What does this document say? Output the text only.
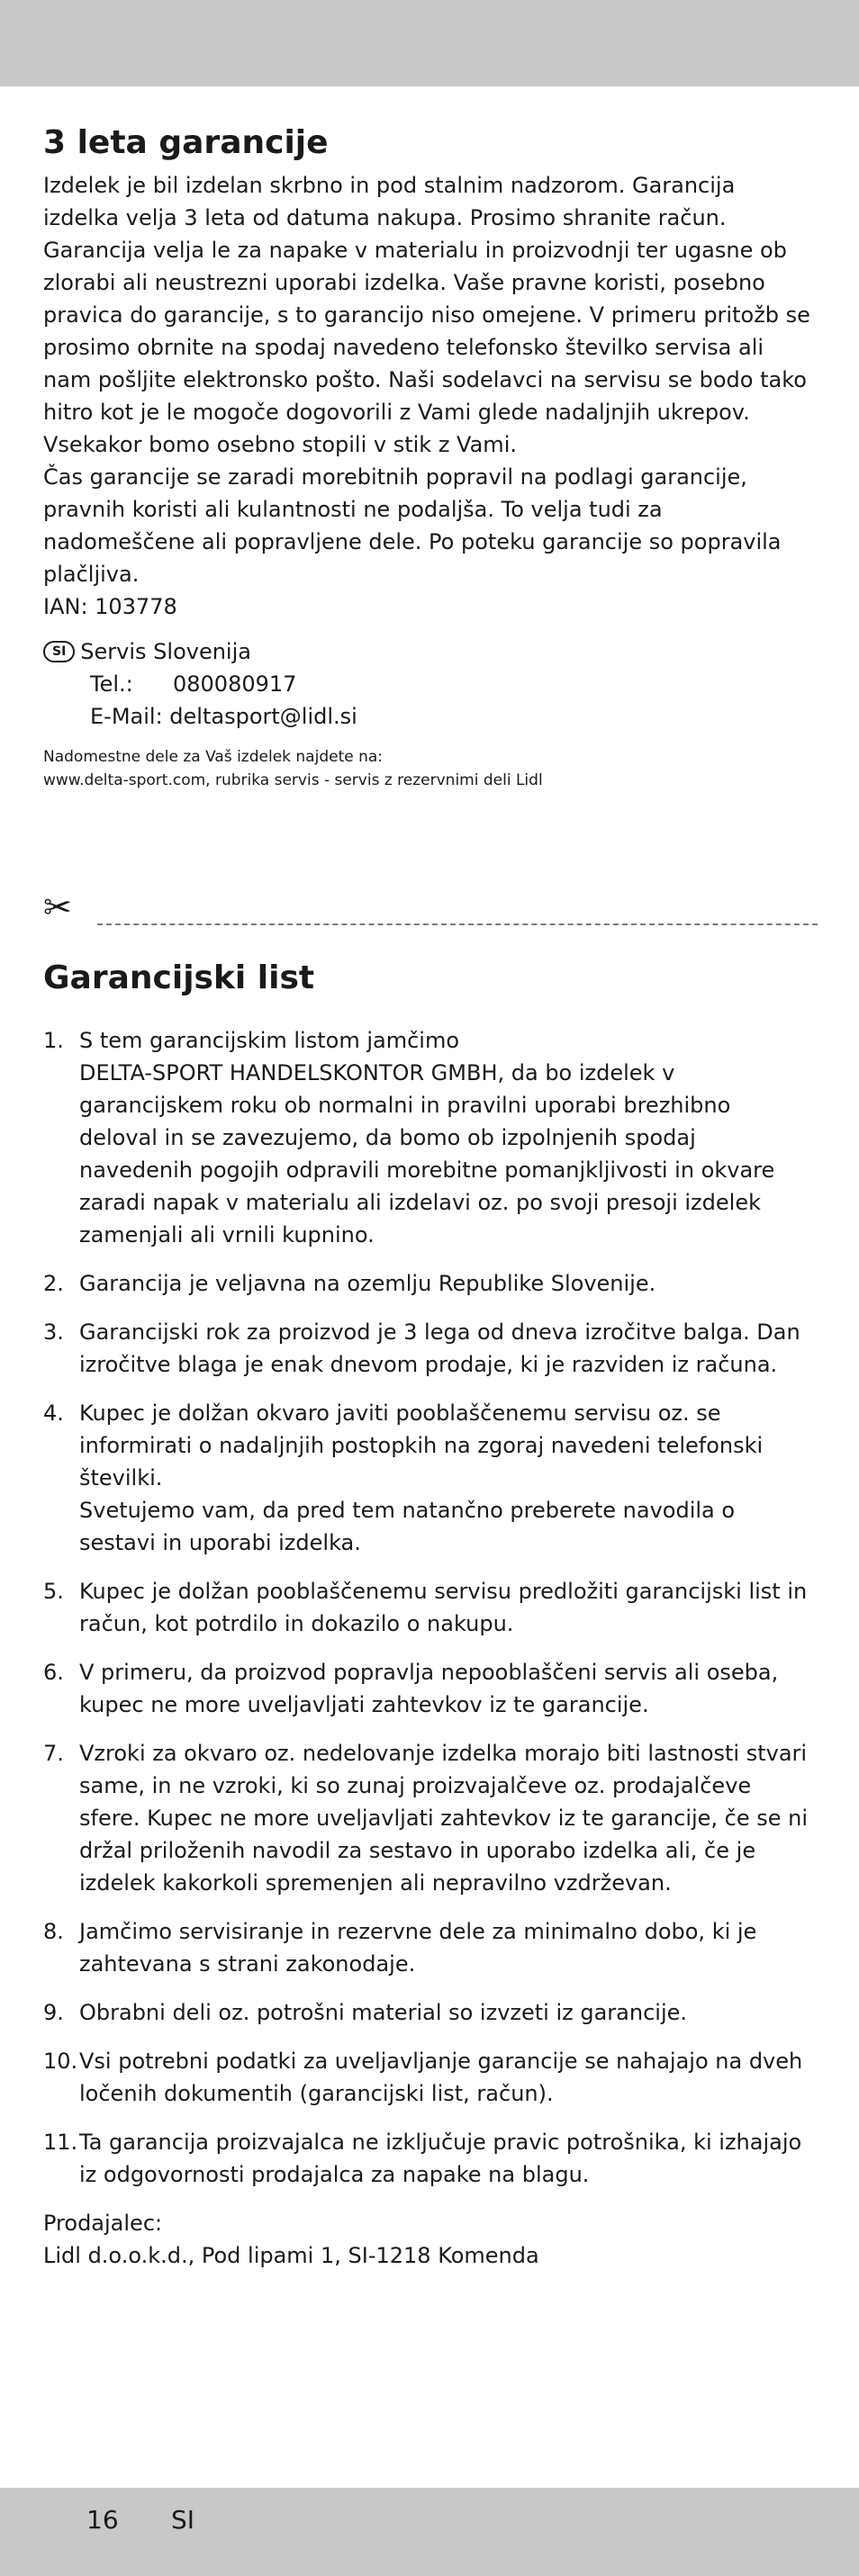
3 leta garancije

Izdelek je bil izdelan skrbno in pod stalnim nadzorom. Garancija izdelka velja 3 leta od datuma nakupa. Prosimo shranite račun.

Garancija velja le za napake v materialu in proizvodnji ter ugasne ob zlorabi ali neustrezni uporabi izdelka. Vaše pravne koristi, posebno pravica do garancije, s to garancijo niso omejene. V primeru pritožb se prosimo obrnite na spodaj navedeno telefonsko številko servisa ali nam pošljite elektronsko pošto. Naši sodelavci na servisu se bodo tako hitro kot je le mogoče dogovorili z Vami glede nadaljnjih ukrepov.

Vsekakor bomo osebno stopili v stik z Vami.

Čas garancije se zaradi morebitnih popravil na podlagi garancije, pravnih koristi ali kulantnosti ne podaljša. To velja tudi za nadomeščene ali popravljene dele. Po poteku garancije so popravila plačljiva.

IAN: 103778

SI Servis Slovenija
Tel.:	080080917
E-Mail: deltasport@lidl.si
Nadomestne dele za Vaš izdelek najdete na:
www.delta-sport.com, rubrika servis - servis z rezervnimi deli Lidl
✂
Garancijski list
1. S tem garancijskim listom jamčimo
DELTA-SPORT HANDELSKONTOR GMBH, da bo izdelek v garancijskem roku ob normalni in pravilni uporabi brezhibno deloval in se zavezujemo, da bomo ob izpolnjenih spodaj navedenih pogojih odpravili morebitne pomanjkljivosti in okvare zaradi napak v materialu ali izdelavi oz. po svoji presoji izdelek zamenjali ali vrnili kupnino.
2. Garancija je veljavna na ozemlju Republike Slovenije.
3. Garancijski rok za proizvod je 3 lega od dneva izročitve balga. Dan izročitve blaga je enak dnevom prodaje, ki je razviden iz računa.
4. Kupec je dolžan okvaro javiti pooblaščenemu servisu oz. se informirati o nadaljnjih postopkih na zgoraj navedeni telefonski številki.
Svetujemo vam, da pred tem natančno preberete navodila o sestavi in uporabi izdelka.
5. Kupec je dolžan pooblaščenemu servisu predložiti garancijski list in račun, kot potrdilo in dokazilo o nakupu.
6. V primeru, da proizvod popravlja nepooblaščeni servis ali oseba, kupec ne more uveljavljati zahtevkov iz te garancije.
7. Vzroki za okvaro oz. nedelovanje izdelka morajo biti lastnosti stvari same, in ne vzroki, ki so zunaj proizvajalčeve oz. prodajalčeve sfere. Kupec ne more uveljavljati zahtevkov iz te garancije, če se ni držal priloženih navodil za sestavo in uporabo izdelka ali, če je izdelek kakorkoli spremenjen ali nepravilno vzdrževan.
8. Jamčimo servisiranje in rezervne dele za minimalno dobo, ki je zahtevana s strani zakonodaje.
9. Obrabni deli oz. potrošni material so izvzeti iz garancije.
10. Vsi potrebni podatki za uveljavljanje garancije se nahajajo na dveh ločenih dokumentih (garancijski list, račun).
11. Ta garancija proizvajalca ne izključuje pravic potrošnika, ki izhajajo iz odgovornosti prodajalca za napake na blagu.
Prodajalec:
Lidl d.o.o.k.d., Pod lipami 1, SI-1218 Komenda
16 SI
